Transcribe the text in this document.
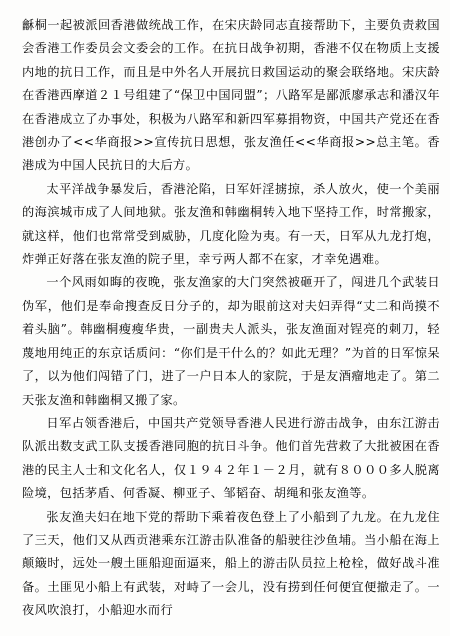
龢桐一起被派回香港做统战工作，在宋庆龄同志直接帮助下，主要负责救国会香港工作委员会文委会的工作。在抗日战争初期，香港不仅在物质上支援内地的抗日工作，而且是中外名人开展抗日救国运动的聚会联络地。宋庆龄在香港西摩道２１号组建了“保卫中国同盟”；八路军是鄙派廖承志和潘汉年在香港成立了办事处，积极为八路军和新四军募捐物资，中国共产党还在香港创办了<<华商报>>宣传抗日思想，张友渔任<<华商报>>总主笔。香港成为中国人民抗日的大后方。

太平洋战争暴发后，香港沦陷，日军奸淫掳掠，杀人放火，使一个美丽的海滨城市成了人间地狱。张友渔和韩幽桐转入地下坚持工作，时常搬家，就这样，他们也常常受到威胁，几度化险为夷。有一天，日军从九龙打炮，炸弹正好落在张友渔的院子里，幸亏两人都不在家，才幸免遇难。

一个风雨如晦的夜晚，张友渔家的大门突然被砸开了，闯进几个武装日伪军，他们是奉命搜查反日分子的，却为眼前这对夫妇弄得“丈二和尚摸不着头脑”。韩幽桐瘦瘦华贵，一副贵夫人派头，张友渔面对锃亮的刺刀，轻蔑地用纯正的东京话质问：“你们是干什么的？如此无理？”为首的日军惊呆了，以为他们闯错了门，进了一户日本人的家院，于是友酒瘤地走了。第二天张友渔和韩幽桐又搬了家。

日军占领香港后，中国共产党领导香港人民进行游击战争，由东江游击队派出数支武工队支援香港同胞的抗日斗争。他们首先营救了大批被困在香港的民主人士和文化名人，仅１９４２年１－２月，就有８０００多人脱离险境，包括茅盾、何香凝、柳亚子、邹韬奋、胡绳和张友渔等。

张友渔夫妇在地下党的帮助下乘着夜色登上了小船到了九龙。在九龙住了三天，他们又从西贡港乘东江游击队准备的船驶往沙鱼埔。当小船在海上颠簸时，远处一艘土匪船迎面逼来，船上的游击队员拉上枪栓，做好战斗准备。土匪见小船上有武装，对峙了一会儿，没有捞到任何便宜便撤走了。一夜风吹浪打，小船迎水而行
